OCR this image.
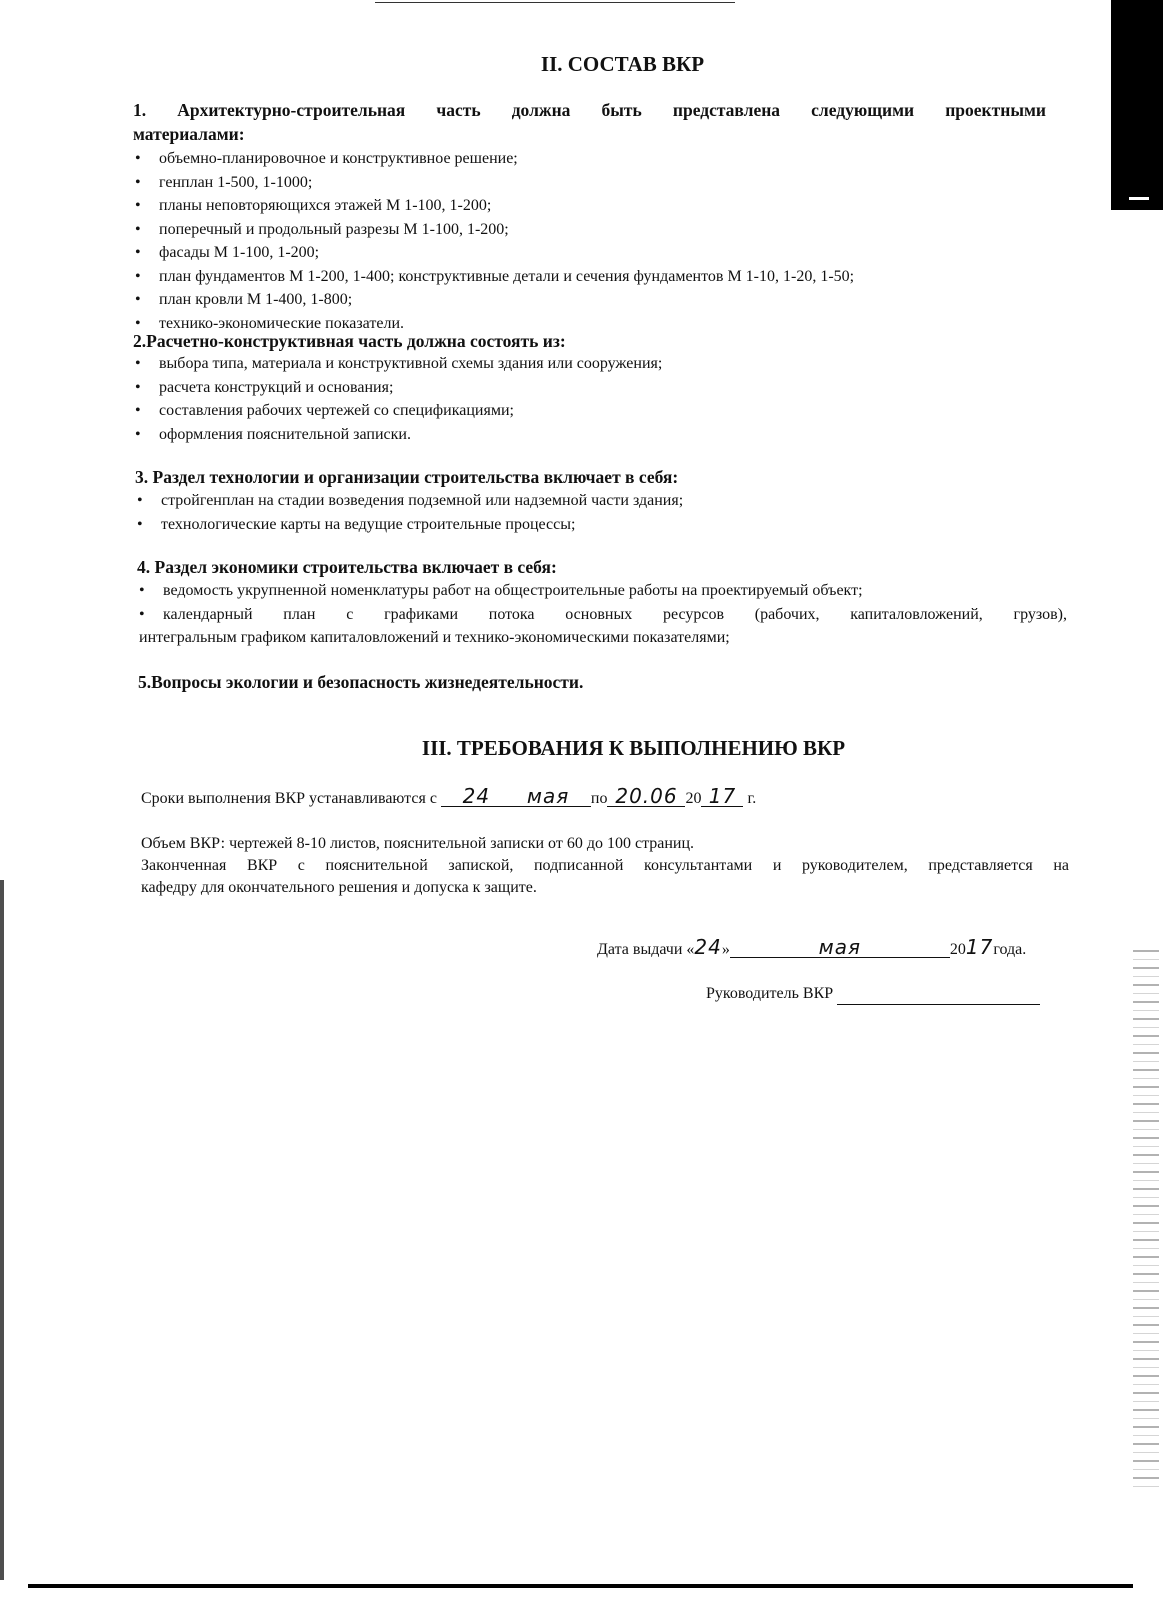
II. СОСТАВ ВКР
1. Архитектурно-строительная часть должна быть представлена следующими проектными
материалами:
• объемно-планировочное и конструктивное решение;
• генплан 1-500, 1-1000;
• планы неповторяющихся этажей М 1-100, 1-200;
• поперечный и продольный разрезы М 1-100, 1-200;
• фасады М 1-100, 1-200;
• план фундаментов М 1-200, 1-400; конструктивные детали и сечения фундаментов М 1-10, 1-20, 1-50;
• план кровли М 1-400, 1-800;
• технико-экономические показатели.
2.Расчетно-конструктивная часть должна состоять из:
• выбора типа, материала и конструктивной схемы здания или сооружения;
• расчета конструкций и основания;
• составления рабочих чертежей со спецификациями;
• оформления пояснительной записки.
3. Раздел технологии и организации строительства включает в себя:
• стройгенплан на стадии возведения подземной или надземной части здания;
• технологические карты на ведущие строительные процессы;
4. Раздел экономики строительства включает в себя:
• ведомость укрупненной номенклатуры работ на общестроительные работы на проектируемый объект;
календарный план с графиками потока основных ресурсов (рабочих, капиталовложений, грузов),
•
интегральным графиком капиталовложений и технико-экономическими показателями;
5.Вопросы экологии и безопасность жизнедеятельности.
III. ТРЕБОВАНИЯ К ВЫПОЛНЕНИЮ ВКР
Сроки выполнения ВКР устанавливаются с 24 мая по 20.06 20 17 г.
Объем ВКР: чертежей 8-10 листов, пояснительной записки от 60 до 100 страниц.
Законченная ВКР с пояснительной запиской, подписанной консультантами и руководителем, представляется на
кафедру для окончательного решения и допуска к защите.
Дата выдачи «24»	мая	2017года.
Руководитель ВКР
